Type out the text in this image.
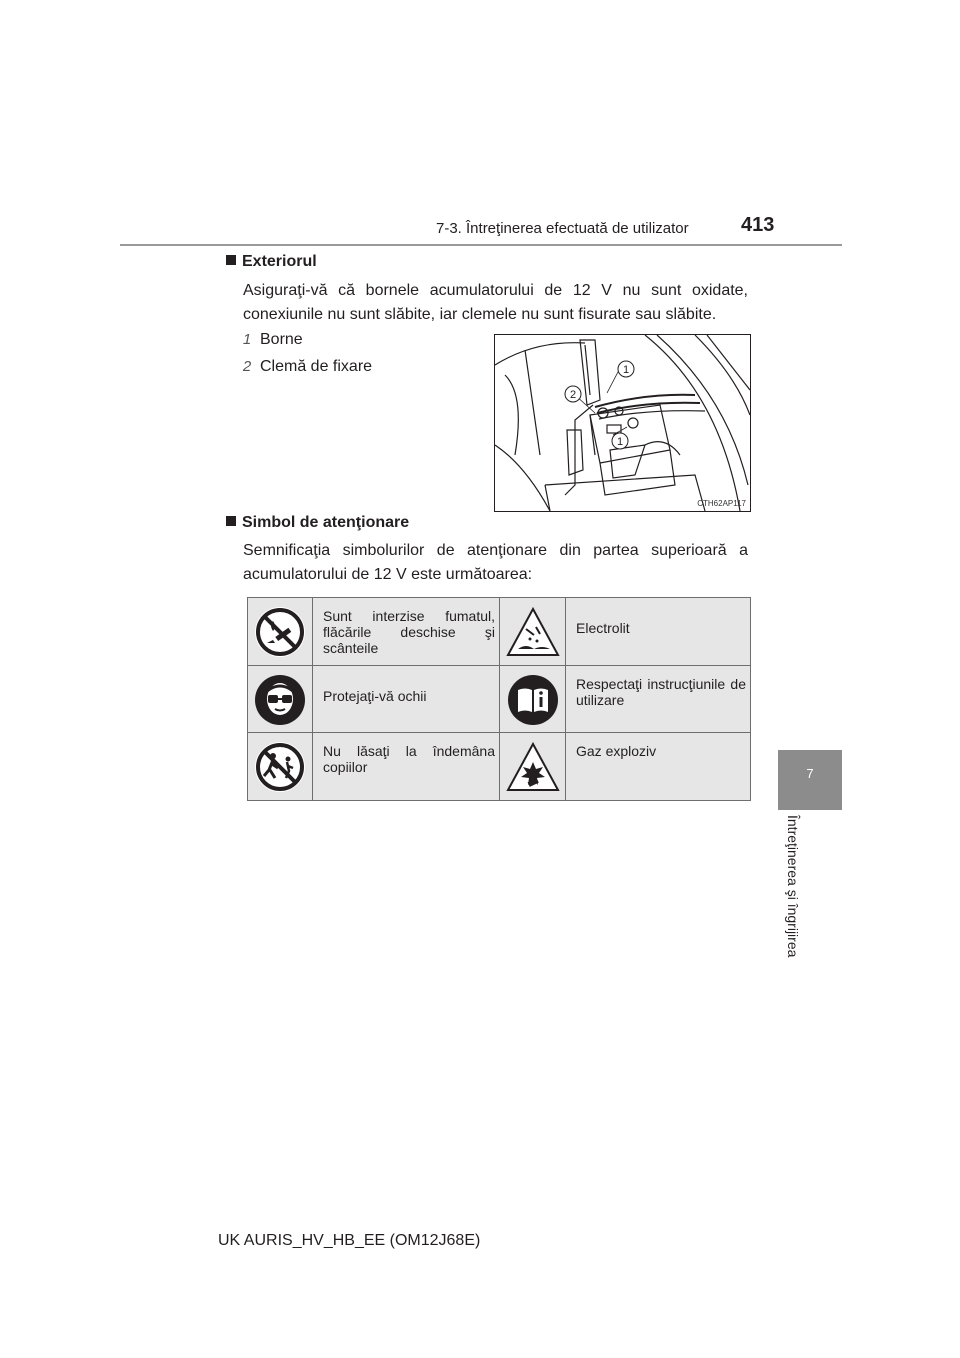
7-3. Întreţinerea efectuată de utilizator	413
7
Întreţinerea şi îngrijirea
Exteriorul
Asiguraţi-vă că bornele acumulatorului de 12 V nu sunt oxidate, conexiunile nu sunt slăbite, iar clemele nu sunt fisurate sau slăbite.
1 Borne
2 Clemă de fixare	1
2
1
CTH62AP117
Simbol de atenţionare
Semnificaţia simbolurilor de atenţionare din partea superioară a acumulatorului de 12 V este următoarea:
Sunt interzise fumatul, flăcările deschise şi scânteile
Electrolit
Protejaţi-vă ochii
Respectaţi instrucţiunile de utilizare
Nu lăsaţi la îndemâna copiilor
Gaz exploziv
UK AURIS_HV_HB_EE (OM12J68E)
